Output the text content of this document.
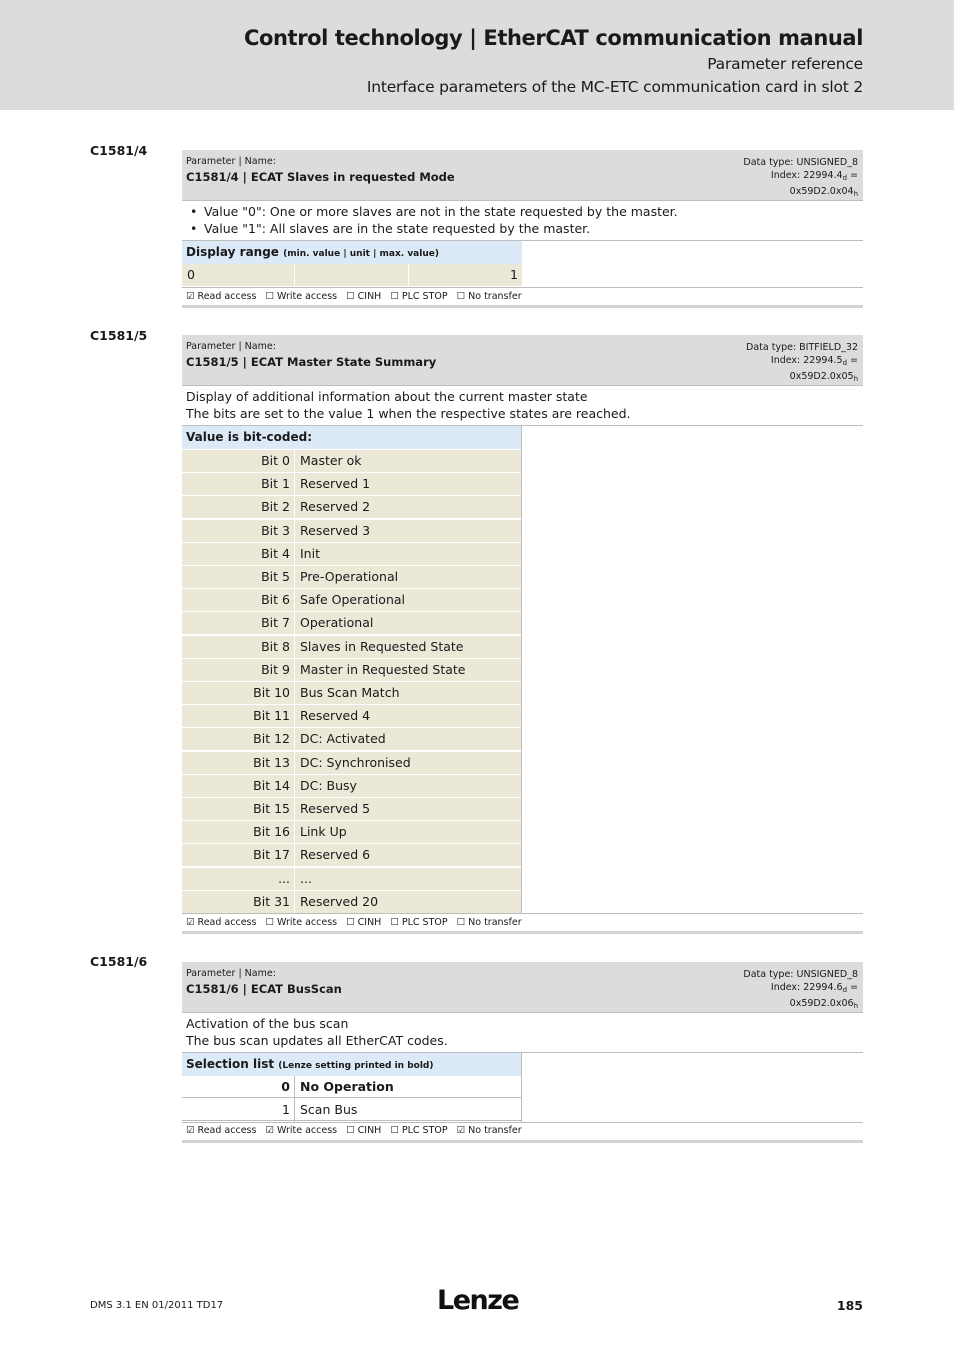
Control technology | EtherCAT communication manual
Parameter reference
Interface parameters of the MC-ETC communication card in slot 2
C1581/4
Parameter | Name:
C1581/4 | ECAT Slaves in requested Mode
Data type: UNSIGNED_8
Index: $22994.4_d$ =
$0x59D2.0x04_h$
• Value "0": One or more slaves are not in the state requested by the master.
• Value "1": All slaves are in the state requested by the master.
Display range (min. value | unit | max. value)
0	1
☑ Read access ☐ Write access ☐ CINH ☐ PLC STOP ☐ No transfer
C1581/5
Parameter | Name:
C1581/5 | ECAT Master State Summary
Data type: BITFIELD_32
Index: $22994.5_d$ =
$0x59D2.0x05_h$
Display of additional information about the current master state
The bits are set to the value 1 when the respective states are reached.
Value is bit-coded:
Bit 0 Master ok
Bit 1 Reserved 1
Bit 2 Reserved 2
Bit 3 Reserved 3
Bit 4 Init
Bit 5 Pre-Operational
Bit 6 Safe Operational
Bit 7 Operational
Bit 8 Slaves in Requested State
Bit 9 Master in Requested State
Bit 10 Bus Scan Match
Bit 11 Reserved 4
Bit 12 DC: Activated
Bit 13 DC: Synchronised
Bit 14 DC: Busy
Bit 15 Reserved 5
Bit 16 Link Up
Bit 17 Reserved 6
... ...
Bit 31 Reserved 20
☑ Read access ☐ Write access ☐ CINH ☐ PLC STOP ☐ No transfer
C1581/6
Parameter | Name:
C1581/6 | ECAT BusScan
Data type: UNSIGNED_8
Index: $22994.6_d$ =
$0x59D2.0x06_h$
Activation of the bus scan
The bus scan updates all EtherCAT codes.
Selection list (Lenze setting printed in bold)
0 No Operation
1 Scan Bus
☑ Read access ☑ Write access ☐ CINH ☐ PLC STOP ☑ No transfer
DMS 3.1 EN 01/2011 TD17	Lenze	185
